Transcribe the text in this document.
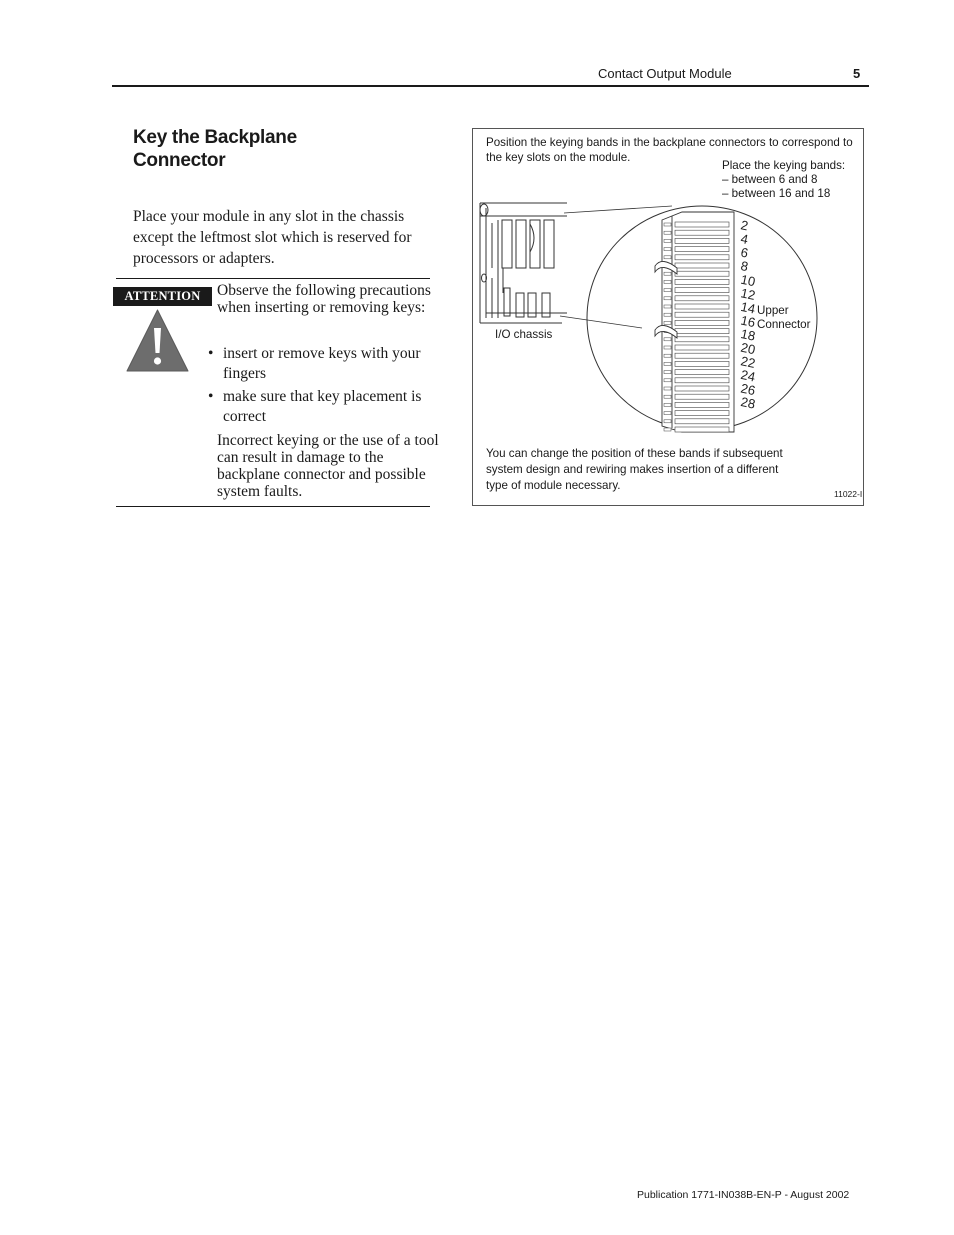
Contact Output Module	5
Key the Backplane
Connector
Place your module in any slot in the chassis except the leftmost slot which is reserved for processors or adapters.
ATTENTION	Observe the following precautions when inserting or removing keys:
• insert or remove keys with your fingers
• make sure that key placement is correct
Incorrect keying or the use of a tool can result in damage to the backplane connector and possible system faults.
2
4
6
8
10
12
14
16
18
20
22
24
26
28
Position the keying bands in the backplane connectors to correspond to the key slots on the module.
Place the keying bands:
– between 6 and 8
– between 16 and 18
I/O chassis
Upper
Connector
You can change the position of these bands if subsequent system design and rewiring makes insertion of a different type of module necessary.
11022-I
Publication 1771-IN038B-EN-P - August 2002
